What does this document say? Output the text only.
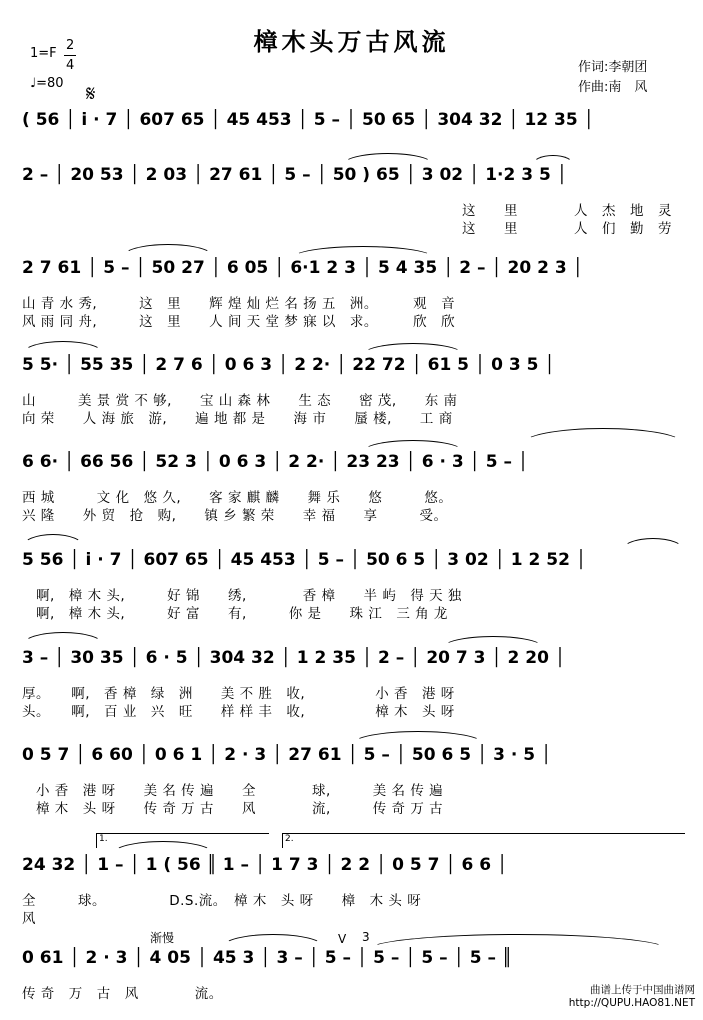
樟木头万古风流
1=F
2
4
♩=80
作词:李朝团
作曲:南　风
𝄋
( 56 │ i · 7 │ 607 65 │ 45 453 │ 5 – │ 50 65 │ 304 32 │ 12 35 │
2 – │ 20 53 │ 2 03 │ 27 61 │ 5 – │ 50 ) 65 │ 3 02 │ 1·2 3 5 │
这　　里　　　　人　杰　地　灵
这　　里　　　　人　们　勤　劳
2 7 61 │ 5 – │ 50 27 │ 6 05 │ 6·1 2 3 │ 5 4 35 │ 2 – │ 20 2 3 │
山 青 水 秀,　　　这　里　　辉 煌 灿 烂 名 扬 五　洲。　　　观　音
风 雨 同 舟,　　　这　里　　人 间 天 堂 梦 寐 以　求。　　　欣　欣
5 5· │ 55 35 │ 2 7 6 │ 0 6 3 │ 2 2· │ 22 72 │ 61 5 │ 0 3 5 │
山　　　美 景 赏 不 够,　　宝 山 森 林　　生 态　　密 茂,　　东 南
向 荣　　人 海 旅　游,　　遍 地 都 是　　海 市　　蜃 楼,　　工 商
6 6· │ 66 56 │ 52 3 │ 0 6 3 │ 2 2· │ 23 23 │ 6 · 3 │ 5 – │
西 城　　　文 化　悠 久,　　客 家 麒 麟　　舞 乐　　悠　　　悠。
兴 隆　　外 贸　抢　购,　　镇 乡 繁 荣　　幸 福　　享　　　受。
5 56 │ i · 7 │ 607 65 │ 45 453 │ 5 – │ 50 6 5 │ 3 02 │ 1 2 52 │
　啊,　樟 木 头,　　　好 锦　　绣,　　　　香 樟　　半 屿　得 天 独
　啊,　樟 木 头,　　　好 富　　有,　　　你 是　　珠 江　三 角 龙
3 – │ 30 35 │ 6 · 5 │ 304 32 │ 1 2 35 │ 2 – │ 20 7 3 │ 2 20 │
厚。　　啊,　香 樟　绿　洲　　美 不 胜　收,　　　　　小 香　港 呀
头。　　啊,　百 业　兴　旺　　样 样 丰　收,　　　　　樟 木　头 呀
0 5 7 │ 6 60 │ 0 6 1 │ 2 · 3 │ 27 61 │ 5 – │ 50 6 5 │ 3 · 5 │
　小 香　港 呀　　美 名 传 遍　　全　　　　球,　　　美 名 传 遍
　樟 木　头 呀　　传 奇 万 古　　风　　　　流,　　　传 奇 万 古
1.	2.
24 32 │ 1 – │ 1 ( 56 ║ 1 – │ 1 7 3 │ 2 2 │ 0 5 7 │ 6 6 │
全　　　球。　　　　　D.S.流。　樟 木　头 呀　　樟　木 头 呀
风
渐慢	V 3
0 61 │ 2 · 3 │ 4 05 │ 45 3 │ 3 – │ 5 – │ 5 – │ 5 – │ 5 – ║
传 奇　万　古　风　　　　流。	曲谱上传于中国曲谱网
http://QUPU.HAO81.NET
